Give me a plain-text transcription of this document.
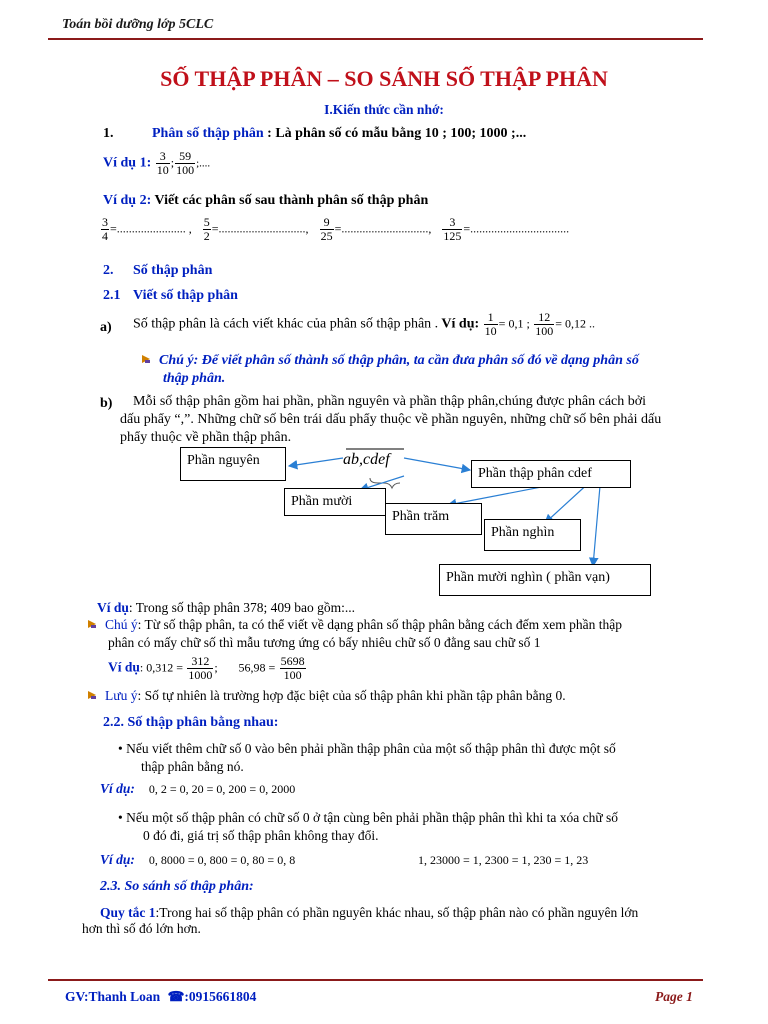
Toán bồi dưỡng lớp 5CLC
SỐ THẬP PHÂN – SO SÁNH SỐ THẬP PHÂN
I.Kiến thức cần nhớ:
1.	Phân số thập phân : Là phân số có mẫu bằng 10 ; 100; 1000 ;...
Ví dụ 1: $\frac{3}{10}$ ; $\frac{59}{100}$ ;....
Ví dụ 2: Viết các phân số sau thành phân số thập phân
$\frac{3}{4}$ =....................... , $\frac{5}{2}$ =............................., $\frac{9}{25}$ =............................., $\frac{3}{125}$ =.................................
2. Số thập phân
2.1 Viết số thập phân
a) Số thập phân là cách viết khác của phân số thập phân . Ví dụ: $\frac{1}{10} = 0,1$ ; $\frac{12}{100} = 0,12$ ..
Chú ý: Để viết phân số thành số thập phân, ta cần đưa phân số đó về dạng phân số
thập phân.
b) Mỗi số thập phân gồm hai phần, phần nguyên và phần thập phân,chúng được phân cách bởi
dấu phẩy “,”. Những chữ số bên trái dấu phẩy thuộc về phần nguyên, những chữ số bên phải dấu
phẩy thuộc về phần thập phân.
ab,cdef
Phần nguyên
Phần thập phân cdef
Phần mười
Phần trăm
Phần nghìn
Phần mười nghìn ( phần vạn)
Ví dụ: Trong số thập phân 378; 409 bao gồm:...
Chú ý: Từ số thập phân, ta có thể viết về dạng phân số thập phân bằng cách đếm xem phần thập
phân có mấy chữ số thì mẫu tương ứng có bấy nhiêu chữ số 0 đằng sau chữ số 1
Ví dụ: $0,312 = \frac{312}{1000}$ ; $56,98 = \frac{5698}{100}$
Lưu ý: Số tự nhiên là trường hợp đặc biệt của số thập phân khi phần tập phân bằng 0.
2.2. Số thập phân bằng nhau:
• Nếu viết thêm chữ số 0 vào bên phải phần thập phân của một số thập phân thì được một số
thập phân bằng nó.
Ví dụ: 0, 2 = 0, 20 = 0, 200 = 0, 2000
• Nếu một số thập phân có chữ số 0 ở tận cùng bên phải phần thập phân thì khi ta xóa chữ số
0 đó đi, giá trị số thập phân không thay đổi.
Ví dụ: 0, 8000 = 0, 800 = 0, 80 = 0, 8	1, 23000 = 1, 2300 = 1, 230 = 1, 23
2.3. So sánh số thập phân:
Quy tắc 1:Trong hai số thập phân có phần nguyên khác nhau, số thập phân nào có phần nguyên lớn
hơn thì số đó lớn hơn.
GV:Thanh Loan ☎:0915661804	Page 1
